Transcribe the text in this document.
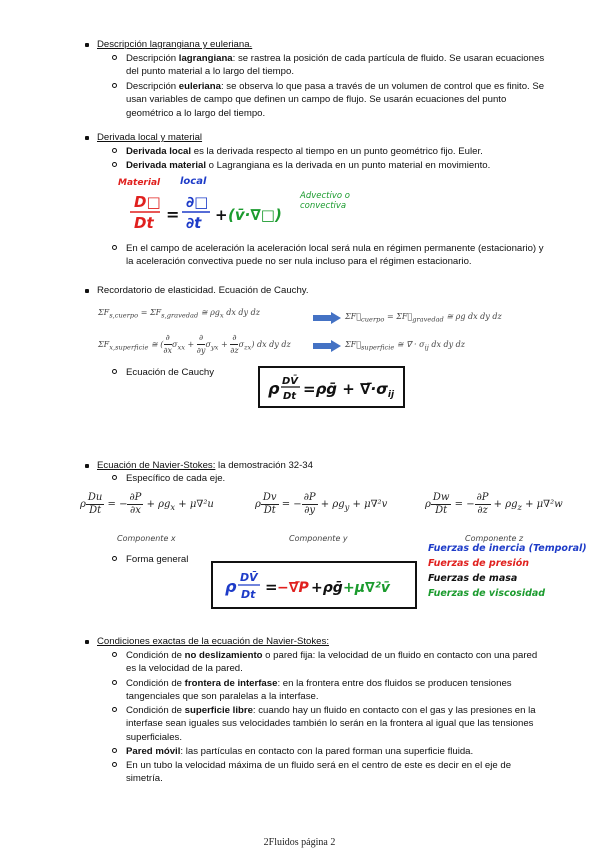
Descripción lagrangiana y euleriana.
Descripción lagrangiana: se rastrea la posición de cada partícula de fluido. Se usaran ecuaciones del punto material a lo largo del tiempo.
Descripción euleriana: se observa lo que pasa a través de un volumen de control que es finito. Se usan variables de campo que definen un campo de flujo. Se usarán ecuaciones del punto geométrico a lo largo del tiempo.
Derivada local y material
Derivada local es la derivada respecto al tiempo en un punto geométrico fijo. Euler.
Derivada material o Lagrangiana es la derivada en un punto material en movimiento.
Material local
D□
Dt =
∂□
∂t + (v̄·∇□)
Advectivo o convectiva
En el campo de aceleración la aceleración local será nula en régimen permanente (estacionario) y la aceleración convectiva puede no ser nula incluso para el régimen estacionario.
Recordatorio de elasticidad. Ecuación de Cauchy.
$\Sigma F_{s,cuerpo} = \Sigma F_{s,gravedad}$ ≅ $\rho g_x$ dx dy dz	$\Sigma F⃗_{cuerpo}$ = $\Sigma F⃗_{gravedad}$ ≅ ρg dx dy dz
$\Sigma F_{x,superficie}$ ≅ ( $\frac{\partial}{\partial x} \sigma_{xx} + \frac{\partial}{\partial y} \sigma_{yx} + \frac{\partial}{\partial z} \sigma_{zx}$) dx dy dz	$\Sigma F⃗_{superficie}$ ≅ ∇⃗ · $\sigma_{ij}$ dx dy dz
Ecuación de Cauchy
ρ DV̄
Dt =ρḡ + $\nablā\cdot\sigma_{ij}$
Ecuación de Navier-Stokes: la demostración 32-34
Específico de cada eje.
ρ $\frac{Du}{Dt}$ = − $\frac{\partial P}{\partial x} + \rho g_x + \mu\nabla^2u$	ρ $\frac{Dv}{Dt}$ = − $\frac{\partial P}{\partial y} + \rho g_y + \mu\nabla^2v$	ρ $\frac{Dw}{Dt}$ = − $\frac{\partial P}{\partial z} + \rho g_z + \mu\nabla^2w$
Componente x	Componente y	Componente z
Forma general
ρ DV̄
Dt = −∇̄P +ρḡ +μ∇²v̄
Fuerzas de inercia (Temporal)
Fuerzas de presión
Fuerzas de masa
Fuerzas de viscosidad
Condiciones exactas de la ecuación de Navier-Stokes:
Condición de no deslizamiento o pared fija: la velocidad de un fluido en contacto con una pared es la velocidad de la pared.
Condición de frontera de interfase: en la frontera entre dos fluidos se producen tensiones tangenciales que son paralelas a la interfase.
Condición de superficie libre: cuando hay un fluido en contacto con el gas y las presiones en la interfase sean iguales sus velocidades también lo serán en la frontera al igual que las tensiones superficiales.
Pared móvil: las partículas en contacto con la pared forman una superficie fluida.
En un tubo la velocidad máxima de un fluido será en el centro de este es decir en el eje de simetría.
2Fluidos página 2
